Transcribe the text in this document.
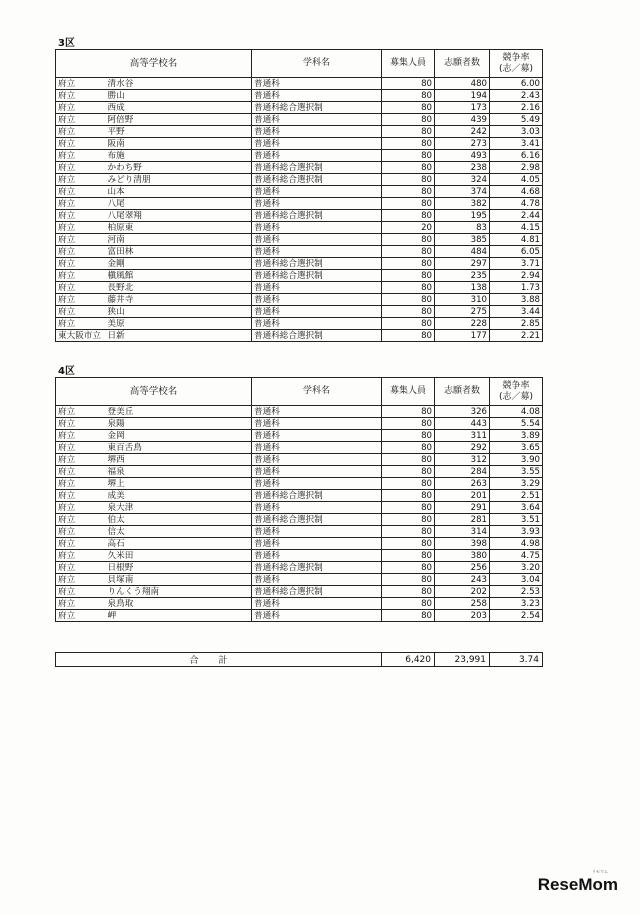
3区
高等学校名		学科名	募集人員	志願者数	競争率
(志／募)
府立	清水谷	普通科	80	480	6.00
府立	勝山	普通科	80	194	2.43
府立	西成	普通科総合選択制	80	173	2.16
府立	阿倍野	普通科	80	439	5.49
府立	平野	普通科	80	242	3.03
府立	阪南	普通科	80	273	3.41
府立	布施	普通科	80	493	6.16
府立	かわち野	普通科総合選択制	80	238	2.98
府立	みどり清朋	普通科総合選択制	80	324	4.05
府立	山本	普通科	80	374	4.68
府立	八尾	普通科	80	382	4.78
府立	八尾翠翔	普通科総合選択制	80	195	2.44
府立	柏原東	普通科	20	83	4.15
府立	河南	普通科	80	385	4.81
府立	富田林	普通科	80	484	6.05
府立	金剛	普通科総合選択制	80	297	3.71
府立	槇風館	普通科総合選択制	80	235	2.94
府立	長野北	普通科	80	138	1.73
府立	藤井寺	普通科	80	310	3.88
府立	狭山	普通科	80	275	3.44
府立	美原	普通科	80	228	2.85
東大阪市立	日新	普通科総合選択制	80	177	2.21
4区
高等学校名		学科名	募集人員	志願者数	競争率
(志／募)
府立	登美丘	普通科	80	326	4.08
府立	泉陽	普通科	80	443	5.54
府立	金岡	普通科	80	311	3.89
府立	東百舌鳥	普通科	80	292	3.65
府立	堺西	普通科	80	312	3.90
府立	福泉	普通科	80	284	3.55
府立	堺上	普通科	80	263	3.29
府立	成美	普通科総合選択制	80	201	2.51
府立	泉大津	普通科	80	291	3.64
府立	伯太	普通科総合選択制	80	281	3.51
府立	信太	普通科	80	314	3.93
府立	高石	普通科	80	398	4.98
府立	久米田	普通科	80	380	4.75
府立	日根野	普通科総合選択制	80	256	3.20
府立	貝塚南	普通科	80	243	3.04
府立	りんくう翔南	普通科総合選択制	80	202	2.53
府立	泉鳥取	普通科	80	258	3.23
府立	岬	普通科	80	203	2.54
合計	6,420	23,991	3.74
リセマム
ReseMom
